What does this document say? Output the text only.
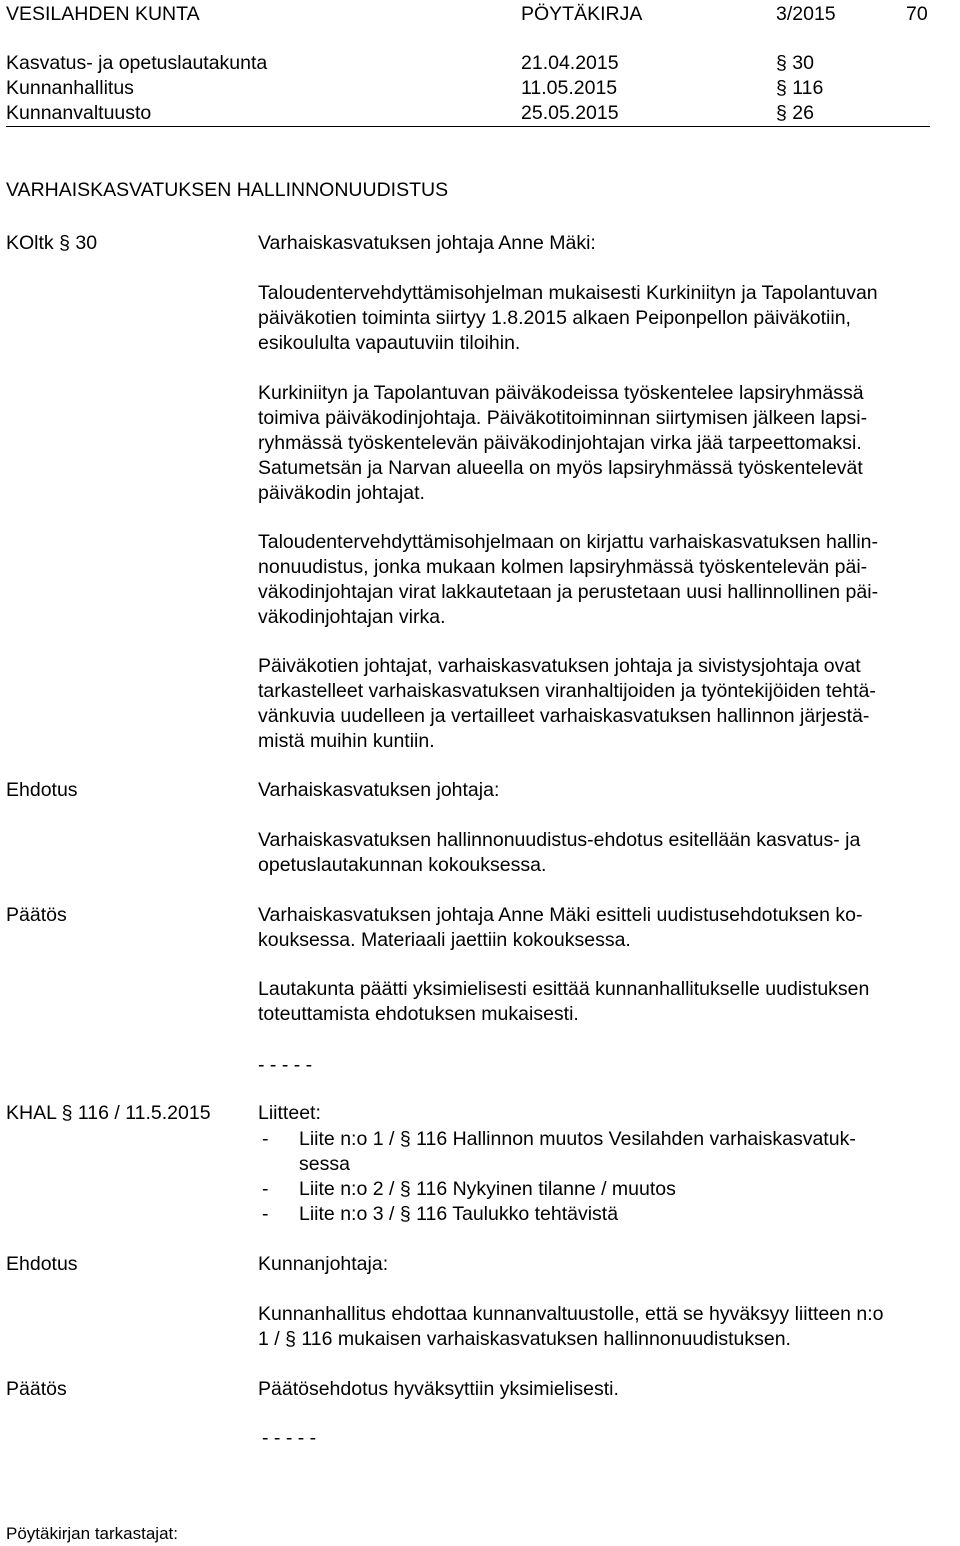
VESILAHDEN KUNTA	PÖYTÄKIRJA	3/2015	70
Kasvatus- ja opetuslautakunta	21.04.2015	§ 30
Kunnanhallitus	11.05.2015	§ 116
Kunnanvaltuusto	25.05.2015	§ 26
VARHAISKASVATUKSEN HALLINNONUUDISTUS
KOltk § 30	Varhaiskasvatuksen johtaja Anne Mäki:

Taloudentervehdyttämisohjelman mukaisesti Kurkiniityn ja Tapolantuvan

päiväkotien toiminta siirtyy 1.8.2015 alkaen Peiponpellon päiväkotiin,

esikoululta vapautuviin tiloihin.

Kurkiniityn ja Tapolantuvan päiväkodeissa työskentelee lapsiryhmässä

toimiva päiväkodinjohtaja. Päiväkotitoiminnan siirtymisen jälkeen lapsi-

ryhmässä työskentelevän päiväkodinjohtajan virka jää tarpeettomaksi.

Satumetsän ja Narvan alueella on myös lapsiryhmässä työskentelevät

päiväkodin johtajat.

Taloudentervehdyttämisohjelmaan on kirjattu varhaiskasvatuksen hallin-

nonuudistus, jonka mukaan kolmen lapsiryhmässä työskentelevän päi-

väkodinjohtajan virat lakkautetaan ja perustetaan uusi hallinnollinen päi-

väkodinjohtajan virka.

Päiväkotien johtajat, varhaiskasvatuksen johtaja ja sivistysjohtaja ovat

tarkastelleet varhaiskasvatuksen viranhaltijoiden ja työntekijöiden tehtä-

vänkuvia uudelleen ja vertailleet varhaiskasvatuksen hallinnon järjestä-

mistä muihin kuntiin.

Ehdotus	Varhaiskasvatuksen johtaja:

Varhaiskasvatuksen hallinnonuudistus-ehdotus esitellään kasvatus- ja

opetuslautakunnan kokouksessa.

Päätös	Varhaiskasvatuksen johtaja Anne Mäki esitteli uudistusehdotuksen ko-

kouksessa. Materiaali jaettiin kokouksessa.

Lautakunta päätti yksimielisesti esittää kunnanhallitukselle uudistuksen

toteuttamista ehdotuksen mukaisesti.

- - - - -
KHAL § 116 / 11.5.2015 Liitteet:
- Liite n:o 1 / § 116 Hallinnon muutos Vesilahden varhaiskasvatuk-
sessa
- Liite n:o 2 / § 116 Nykyinen tilanne / muutos
- Liite n:o 3 / § 116 Taulukko tehtävistä
Ehdotus	Kunnanjohtaja:

Kunnanhallitus ehdottaa kunnanvaltuustolle, että se hyväksyy liitteen n:o

1 / § 116 mukaisen varhaiskasvatuksen hallinnonuudistuksen.

Päätös	Päätösehdotus hyväksyttiin yksimielisesti.
- - - - -
Pöytäkirjan tarkastajat:
